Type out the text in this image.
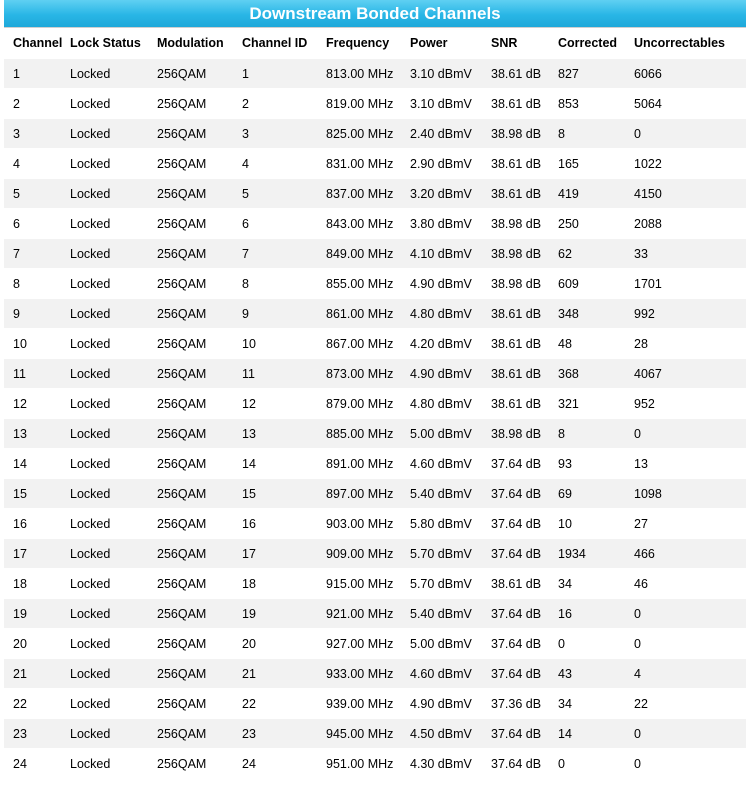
Downstream Bonded Channels
Channel	Lock Status	Modulation	Channel ID	Frequency	Power	SNR	Corrected	Uncorrectables
1	Locked	256QAM	1	813.00 MHz	3.10 dBmV	38.61 dB	827	6066
2	Locked	256QAM	2	819.00 MHz	3.10 dBmV	38.61 dB	853	5064
3	Locked	256QAM	3	825.00 MHz	2.40 dBmV	38.98 dB	8	0
4	Locked	256QAM	4	831.00 MHz	2.90 dBmV	38.61 dB	165	1022
5	Locked	256QAM	5	837.00 MHz	3.20 dBmV	38.61 dB	419	4150
6	Locked	256QAM	6	843.00 MHz	3.80 dBmV	38.98 dB	250	2088
7	Locked	256QAM	7	849.00 MHz	4.10 dBmV	38.98 dB	62	33
8	Locked	256QAM	8	855.00 MHz	4.90 dBmV	38.98 dB	609	1701
9	Locked	256QAM	9	861.00 MHz	4.80 dBmV	38.61 dB	348	992
10	Locked	256QAM	10	867.00 MHz	4.20 dBmV	38.61 dB	48	28
11	Locked	256QAM	11	873.00 MHz	4.90 dBmV	38.61 dB	368	4067
12	Locked	256QAM	12	879.00 MHz	4.80 dBmV	38.61 dB	321	952
13	Locked	256QAM	13	885.00 MHz	5.00 dBmV	38.98 dB	8	0
14	Locked	256QAM	14	891.00 MHz	4.60 dBmV	37.64 dB	93	13
15	Locked	256QAM	15	897.00 MHz	5.40 dBmV	37.64 dB	69	1098
16	Locked	256QAM	16	903.00 MHz	5.80 dBmV	37.64 dB	10	27
17	Locked	256QAM	17	909.00 MHz	5.70 dBmV	37.64 dB	1934	466
18	Locked	256QAM	18	915.00 MHz	5.70 dBmV	38.61 dB	34	46
19	Locked	256QAM	19	921.00 MHz	5.40 dBmV	37.64 dB	16	0
20	Locked	256QAM	20	927.00 MHz	5.00 dBmV	37.64 dB	0	0
21	Locked	256QAM	21	933.00 MHz	4.60 dBmV	37.64 dB	43	4
22	Locked	256QAM	22	939.00 MHz	4.90 dBmV	37.36 dB	34	22
23	Locked	256QAM	23	945.00 MHz	4.50 dBmV	37.64 dB	14	0
24	Locked	256QAM	24	951.00 MHz	4.30 dBmV	37.64 dB	0	0
